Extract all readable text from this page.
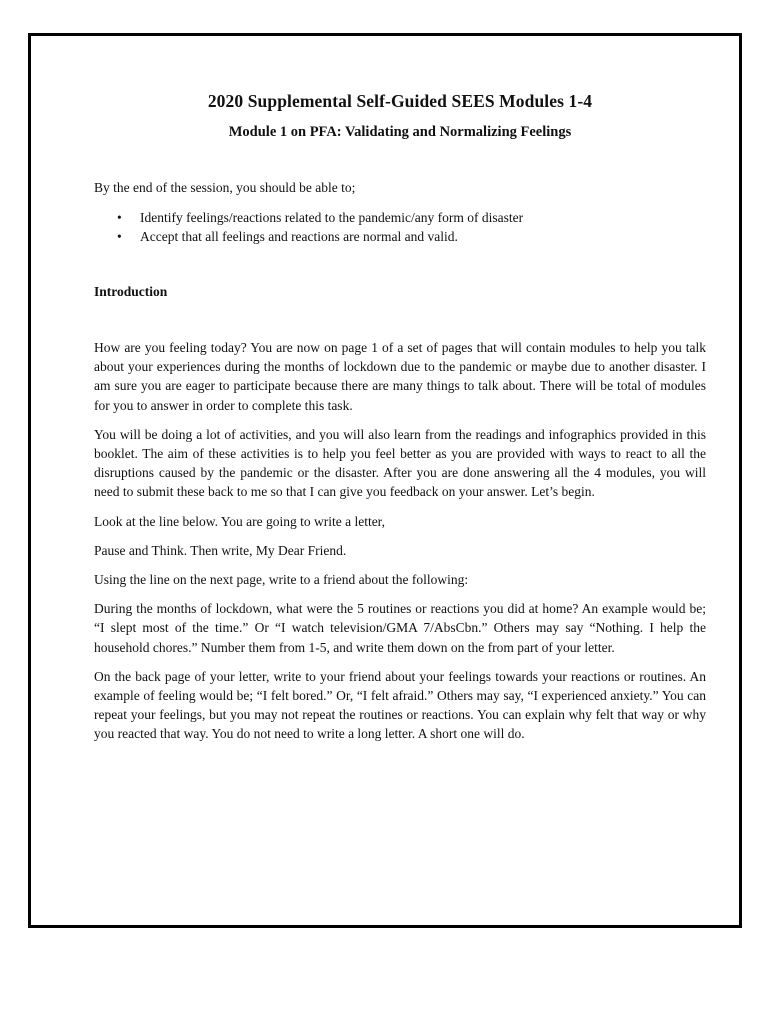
2020 Supplemental Self-Guided SEES Modules 1-4
Module 1 on PFA: Validating and Normalizing Feelings

By the end of the session, you should be able to;

• Identify feelings/reactions related to the pandemic/any form of disaster
• Accept that all feelings and reactions are normal and valid.

Introduction

How are you feeling today? You are now on page 1 of a set of pages that will contain modules to help you talk about your experiences during the months of lockdown due to the pandemic or maybe due to another disaster. I am sure you are eager to participate because there are many things to talk about. There will be total of modules for you to answer in order to complete this task.

You will be doing a lot of activities, and you will also learn from the readings and infographics provided in this booklet. The aim of these activities is to help you feel better as you are provided with ways to react to all the disruptions caused by the pandemic or the disaster. After you are done answering all the 4 modules, you will need to submit these back to me so that I can give you feedback on your answer. Let’s begin.

Look at the line below. You are going to write a letter,

Pause and Think. Then write, My Dear Friend.

Using the line on the next page, write to a friend about the following:

During the months of lockdown, what were the 5 routines or reactions you did at home? An example would be; “I slept most of the time.” Or “I watch television/GMA 7/AbsCbn.” Others may say “Nothing. I help the household chores.” Number them from 1-5, and write them down on the from part of your letter.

On the back page of your letter, write to your friend about your feelings towards your reactions or routines. An example of feeling would be; “I felt bored.” Or, “I felt afraid.” Others may say, “I experienced anxiety.” You can repeat your feelings, but you may not repeat the routines or reactions. You can explain why felt that way or why you reacted that way. You do not need to write a long letter. A short one will do.
